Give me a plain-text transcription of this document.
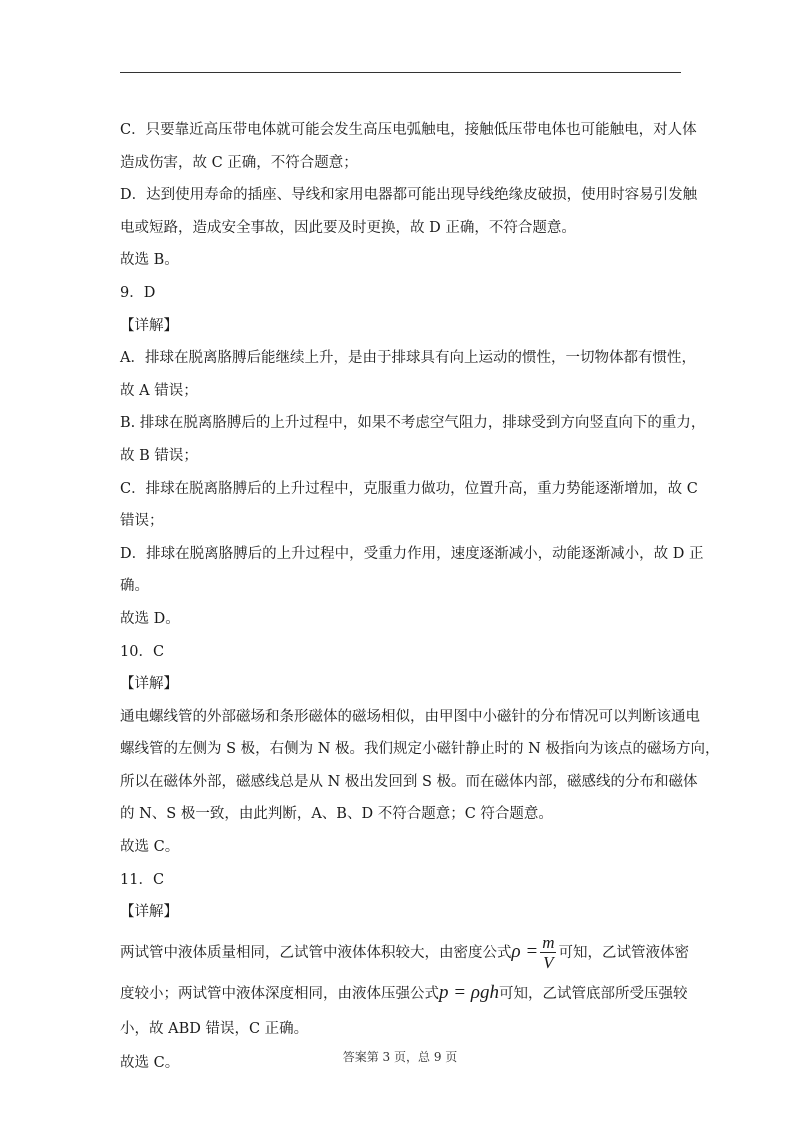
C．只要靠近高压带电体就可能会发生高压电弧触电，接触低压带电体也可能触电，对人体
造成伤害，故 C 正确，不符合题意；
D．达到使用寿命的插座、导线和家用电器都可能出现导线绝缘皮破损，使用时容易引发触
电或短路，造成安全事故，因此要及时更换，故 D 正确，不符合题意。
故选 B。
9．D
【详解】
A．排球在脱离胳膊后能继续上升，是由于排球具有向上运动的惯性，一切物体都有惯性，
故 A 错误；
B. 排球在脱离胳膊后的上升过程中，如果不考虑空气阻力，排球受到方向竖直向下的重力，
故 B 错误；
C．排球在脱离胳膊后的上升过程中，克服重力做功，位置升高，重力势能逐渐增加，故 C
错误；
D．排球在脱离胳膊后的上升过程中，受重力作用，速度逐渐减小，动能逐渐减小，故 D 正
确。
故选 D。
10．C
【详解】
通电螺线管的外部磁场和条形磁体的磁场相似，由甲图中小磁针的分布情况可以判断该通电
螺线管的左侧为 S 极，右侧为 N 极。我们规定小磁针静止时的 N 极指向为该点的磁场方向，
所以在磁体外部，磁感线总是从 N 极出发回到 S 极。而在磁体内部，磁感线的分布和磁体
的 N、S 极一致，由此判断，A、B、D 不符合题意；C 符合题意。
故选 C。
11．C
【详解】
两试管中液体质量相同，乙试管中液体体积较大，由密度公式$\rho = \frac{m}{V}$ 可知，乙试管液体密
度较小；两试管中液体深度相同，由液体压强公式p = ρgh可知，乙试管底部所受压强较
小，故 ABD 错误，C 正确。
故选 C。	答案第 3 页，总 9 页
